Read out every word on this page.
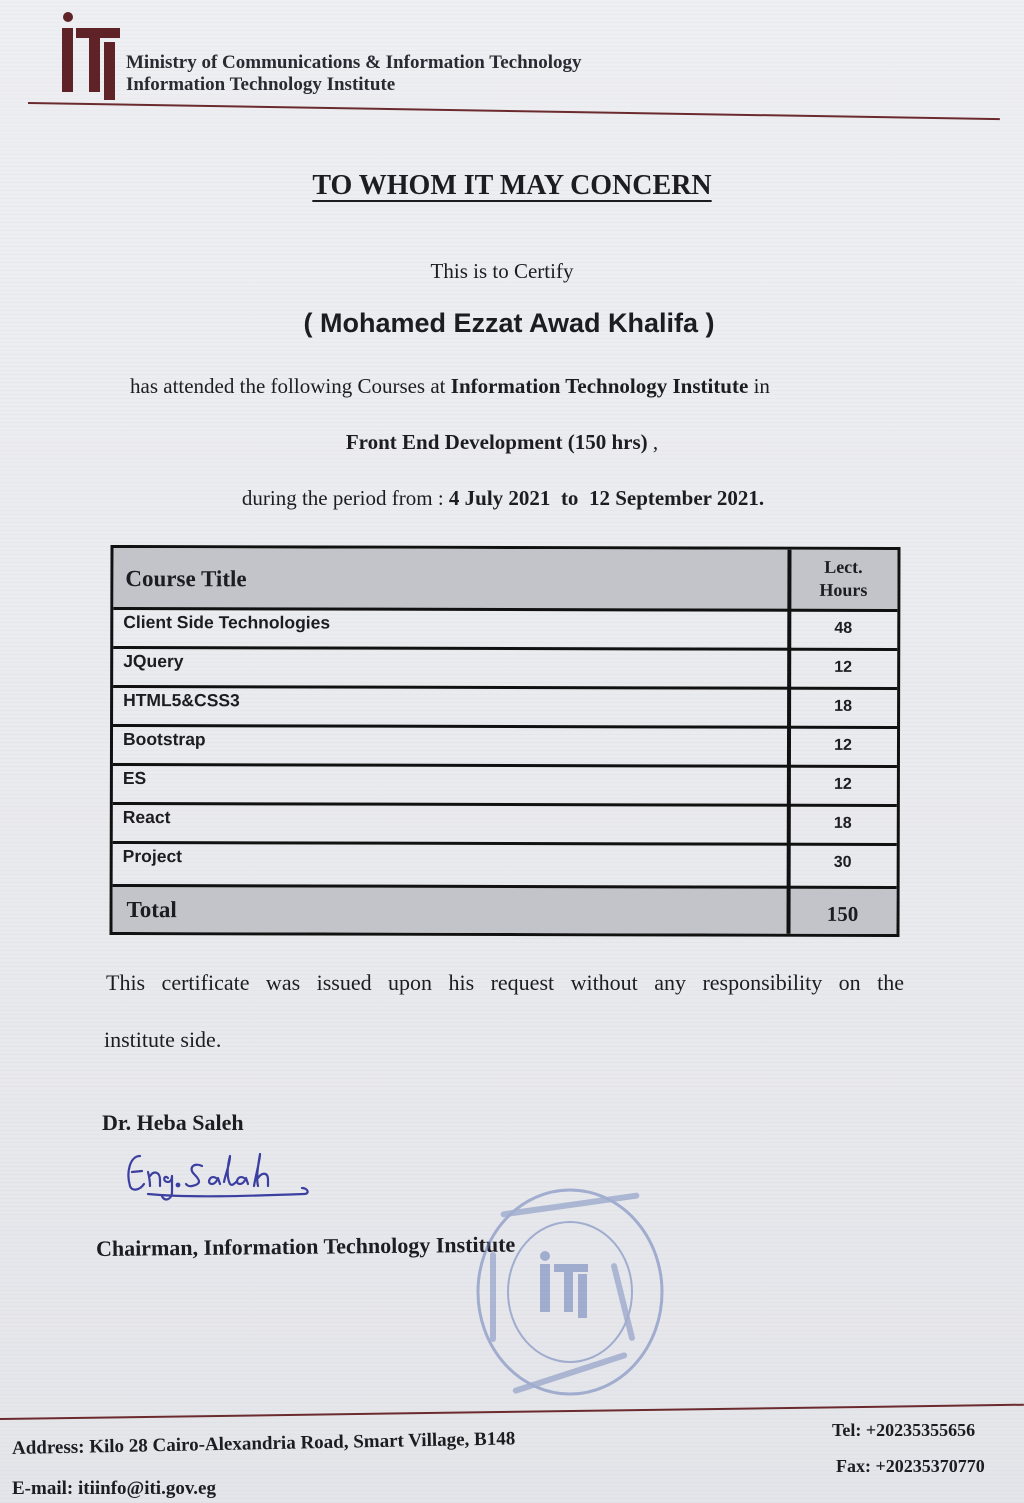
Ministry of Communications & Information Technology
Information Technology Institute
TO WHOM IT MAY CONCERN
This is to Certify
( Mohamed Ezzat Awad Khalifa )
has attended the following Courses at Information Technology Institute in
Front End Development (150 hrs) ,
during the period from : 4 July 2021 to 12 September 2021.
Course Title	Lect.
Hours
Client Side Technologies	48
JQuery	12
HTML5&CSS3	18
Bootstrap	12
ES	12
React	18
Project	30
Total	150
This certificate was issued upon his request without any responsibility on the
institute side.
Dr. Heba Saleh
Chairman, Information Technology Institute
Address: Kilo 28 Cairo-Alexandria Road, Smart Village, B148
E-mail: itiinfo@iti.gov.eg
Tel: +20235355656
Fax: +20235370770
